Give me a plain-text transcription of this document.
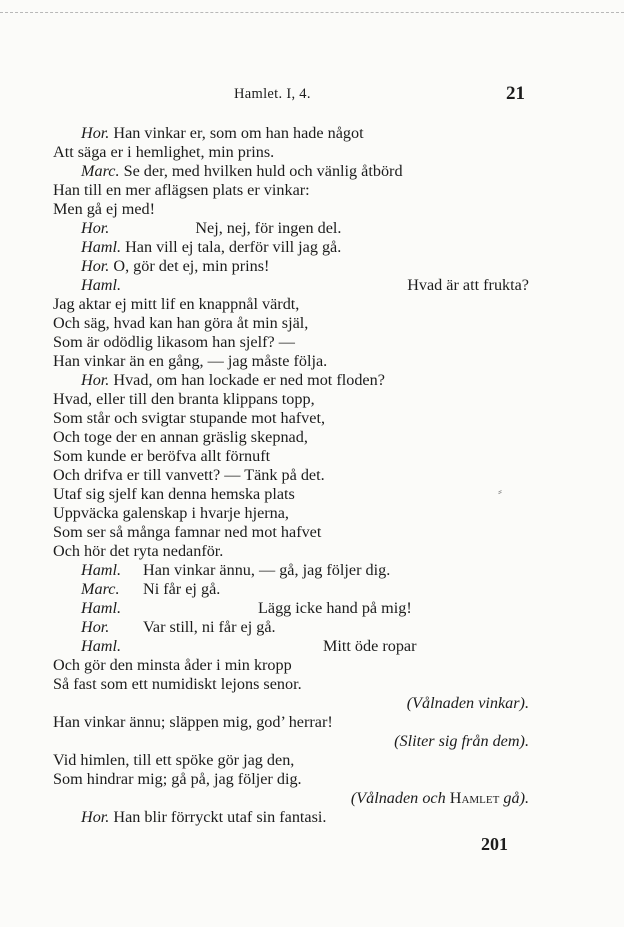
Hamlet. I, 4.	21
Hor. Han vinkar er, som om han hade något
Att säga er i hemlighet, min prins.
Marc. Se der, med hvilken huld och vänlig åtbörd
Han till en mer aflägsen plats er vinkar:
Men gå ej med!
Hor.	Nej, nej, för ingen del.
Haml. Han vill ej tala, derför vill jag gå.
Hor. O, gör det ej, min prins!
Haml.	Hvad är att frukta?
Jag aktar ej mitt lif en knappnål värdt,
Och säg, hvad kan han göra åt min själ,
Som är odödlig likasom han sjelf? —
Han vinkar än en gång, — jag måste följa.
Hor. Hvad, om han lockade er ned mot floden?
Hvad, eller till den branta klippans topp,
Som står och svigtar stupande mot hafvet,
Och toge der en annan gräslig skepnad,
Som kunde er beröfva allt förnuft
Och drifva er till vanvett? — Tänk på det.
Utaf sig sjelf kan denna hemska plats
Uppväcka galenskap i hvarje hjerna,
Som ser så många famnar ned mot hafvet
Och hör det ryta nedanför.
Haml. Han vinkar ännu, — gå, jag följer dig.
Marc. Ni får ej gå.
Haml.	Lägg icke hand på mig!
Hor. Var still, ni får ej gå.
Haml.	Mitt öde ropar
Och gör den minsta åder i min kropp
Så fast som ett numidiskt lejons senor.
(Vålnaden vinkar).
Han vinkar ännu; släppen mig, god’ herrar!
(Sliter sig från dem).
Vid himlen, till ett spöke gör jag den,
Som hindrar mig; gå på, jag följer dig.
(Vålnaden och Hamlet gå).
Hor. Han blir förryckt utaf sin fantasi.
201
⸗
